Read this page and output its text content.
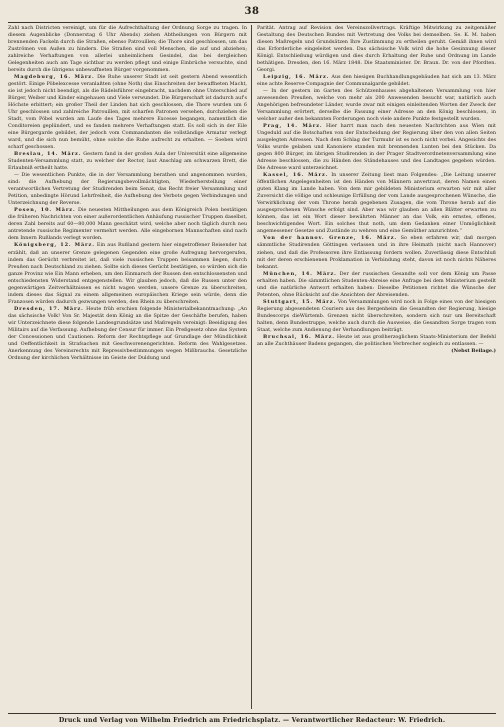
38

Zahl nach Districten vereinigt, um für die Aufrechthaltung der Ordnung Sorge zu tragen. In diesem Augenblicke (Donnerstag 6 Uhr Abends) ziehen Abtheilungen von Bürgern mit brennenden Fackeln durch die Straßen, ebenso Patrouillen; die Thore sind geschlossen, um das Zuströmen von Außen zu hindern. Die Straßen sind voll Menschen, die auf und abziehen; zahlreiche Verhaftungen von allerlei unheimlichem Gesindel, das bei dergleichen Gelegenheiten auch am Tage sichtbar zu werden pflegt und einige Einbrüche versuchte, sind bereits durch die übrigens unbewaffneten Bürger vorgenommen.

Magdeburg, 16. März. Die Ruhe unserer Stadt ist seit gestern Abend wesentlich gestört. Einige Pöbelexcesse veranlaßten (ohne Noth) das Einschreiten der bewaffneten Macht, sie ist jedoch nicht beendigt, als die Rädelsführer eingebracht, nachdem ohne Unterschied auf Bürger, Weiber und Kinder eingehauen und Viele verwundet. Die Bürgerschaft ist dadurch auf's Höchste erbittert; ein großer Theil der Linden hat sich geschlossen, die Thore wurden um 6 Uhr geschlossen und zahlreiche Patrouillen, mit scharfen Patronen versehen, durchziehen die Stadt, vom Pöbel wurden am Laufe des Tages mehrere Excesse begangen, namentlich die Conditoreien geplündert, und es fanden mehrere Verhaftungen statt. Es soll sich in der Eile eine Bürgergarde gebildet, der jedoch vom Commandanten die vollständige Armatur verlegt ward, und die sich nun bemüht, ohne solche die Ruhe aufrecht zu erhalten. — Soeben wird scharf geschossen.

Breslau, 14. März. Gestern fand in der großen Aula der Universität eine allgemeine Studenten-Versammlung statt, zu welcher der Rector, laut Anschlag am schwarzen Brett, die Erlaubniß ertheilt hatte.

— Die wesentlichen Punkte, die in der Versammlung berathen und angenommen wurden, sind: die Aufhebung der Regierungsbevollmächtigten, Wiederherstellung einer verantwortlichen Vertretung der Studirenden beim Senat, das Recht freier Versammlung und Petition, unbedingte Hörund Lehrfreiheit, die Aufhebung des Verbots gegen Verbindungen und Unterzeichnung der Reverse.

Posen, 10. März. Die neuesten Mittheilungen aus dem Königreich Polen bestätigen die früheren Nachrichten von einer außerordentlichen Anhäufung russischer Truppen daselbst, deren Zahl bereits auf 60—80,000 Mann geschätzt wird, welche aber noch täglich durch neu antretende russische Regimenter vermehrt werden. Alle eingebornen Mannschaften sind nach dem Innern Rußlands verlegt worden.

Königsberg, 12. März. Ein aus Rußland gestern hier eingetroffener Reisender hat erzählt, daß an unserer Grenze gelegenen Gegenden eine große Aufregung hervorgerufen, indem das Gerücht verbreitet ist, daß viele russischen Truppen beisammen liegen, durch Preußen nach Deutschland zu ziehen. Sollte sich dieses Gerücht bestätigen, so würden sich die ganze Provinz wie Ein Mann erheben, um den Einmarsch der Russen den entschlossensten und entschiedensten Widerstand entgegenstellen. Wir glauben jedoch, daß die Russen unter den gegenwärtigen Zeitverhältnissen es nicht wagen werden, unsere Grenze zu überschreiten, indem dieses das Signal zu einem allgemeinen europäischen Kriege sein würde, denn die Franzosen würden dadurch gezwungen werden, den Rhein zu überschreiten.

Dresden, 17. März. Heute früh erschien folgende Ministerialbekanntmachung: „An das sächsische Volk! Von Sr. Majestät dem König an die Spitze der Geschäfte berufen, haben wir Unterzeichnete diese folgende Landesgrundsätze und Maßregeln vereinigt: Beeidigung des Militairs auf die Verfassung. Aufhebung der Censur für immer. Ein Preßgesetz ohne das System der Concessionen und Cautionen. Reform der Rechtspflege auf Grundlage der Mündlichkeit und Oeffentlichkeit in Strafsachen mit Geschworenengerichten. Reform des Wahlgesetzes. Anerkennung des Vereinsrechts mit Repressivbestimmungen wegen Mißbrauchs. Gesetzliche Ordnung der kirchlichen Verhältnisse im Geiste der Duldung und

Parität. Antrag auf Revision des Vereinszollvertrags. Kräftige Mitwirkung zu zeitgemäßer Gestaltung des Deutschen Bundes mit Vertretung des Volks bei demselben. Se. K. M. haben diesen Maßregeln und Grundsätzen Ihre Zustimmung zu ertheilen geruht. Gemäß ihnen wird das Erforderliche eingeleitet werden. Das sächsische Volk wird die hohe Gesinnung dieser Königl. Entschließung würdigen und dies durch Erhaltung der Ruhe und Ordnung im Lande bethätigen. Dresden, den 16. März 1848. Die Staatsminister. Dr. Braun. Dr. von der Pfordten. Georgi.

Leipzig, 16. März. Aus den hiesigen Buchhandlungsgebäuden hat sich am 13. März eine achte Reserve-Compagnie der Communalgarde gebildet.

— In der gestern im Garten des Schützenhauses abgehaltenen Versammlung von hier anwesenden Preußen, welche von mehr als 200 Anwesenden besucht war, natürlich auch Angehörigen befreundeter Länder, wurde zwar mit einigen einleitenden Worten der Zweck der Versammlung erörtert, derselbe die Fassung einer Adresse an den König beschlossen, in welcher außer den bekannten Forderungen noch viele andere Punkte festgestellt wurden.

Prag, 14. März. Hier harrt man nach den neuesten Nachrichten aus Wien mit Ungeduld auf die Botschaften von der Entscheidung der Regierung über den von allen Seiten ausgelegten Adressen. Nach dem Schlag der Turmuhr ist es noch nicht vorbei. Angesichts des Volks wurde gelaben und Kanoniere standen mit brennenden Lunten bei den Stücken. Da gegen 800 Bürger, im übrigen Studirenden in der Prager Stadtverordnetenversammlung eine Adresse beschlossen, die zu Händen des Ständehauses und des Landtages gegeben würden. Die Adresse ward unterzeichnet.

Kassel, 16. März. In unserer Zeitung liest man Folgendes: „Die Leitung unserer öffentlichen Angelegenheiten ist den Händen von Männern anvertraut, deren Namen einen guten Klang im Lande haben. Von dem mir gebildeten Ministerium erwarten wir mit aller Zuversicht die völlige und schleunige Erfüllung der vom Lande ausgesprochenen Wünsche, die Verwirklichung der vom Throne herab gegebenen Zusagen, die vom Throne herab auf die ausgesprochenen Wünsche erfolgt sind. Aber was wir glauben an allen Blätter erwarten zu können, das ist ein Wort dieser bewährten Männer an das Volk, ein ernstes, offenes, beschwichtigendes Wort. Ein solches thut noth, um dem Gedanken einer Unmöglichkeit angemessener Gesetze und Zustände zu wehren und eine Gemüther anzurichten.“

Von der hannov. Grenze, 16. März. So eben erfahren wir, daß morgen sämmtliche Studirenden Göttingen verlassen und in ihre Heimath (nicht nach Hannover) ziehen, und daß die Professoren ihre Entlassung fordern wollen. Zuverlässig diese Entschluß mit der deren erschienenen Proklamation in Verbindung steht, davon ist noch nichts Näheres bekannt.

München, 14. März. Der der russischen Gesandte soll vor dem König um Passe erhalten haben. Die sämmtlichen Studenten-Abreise eine Anfrage bei dem Ministerium gestellt und die natürliche Antwort erhalten haben: Dieselbe Petitionen richtet die Wünsche der Petenten, ohne Rücksicht auf die Ansichten der Abreisenden.

Stuttgart, 15. März. Von Versammlungen wird noch in Folge eines von der hiesigen Regierung abgesendeten Couriers aus des Bergenheim die Gesandten der Regierung, hiesige Bundescorps dieWürtemb. Grenzen nicht überschreiten, sondern sich nur um Bereitschaft halten, denn Bundestruppe, welche auch durch die Ausweise, die Gesandten Sorge tragen vom Staat, welche zum Andienung der Verhandlungen beiträgt.

Bruchsal, 16. März. Heute ist aus großherzoglichem Staats-Ministerium der Befehl an alle Zuchthäuser Badens gegangen, die politischen Verbrecher sogleich zu entlassen. —

(Nebst Beilage.)

Druck und Verlag von Wilhelm Friedrich am Friedrichsplatz. — Verantwortlicher Redacteur: W. Friedrich.
